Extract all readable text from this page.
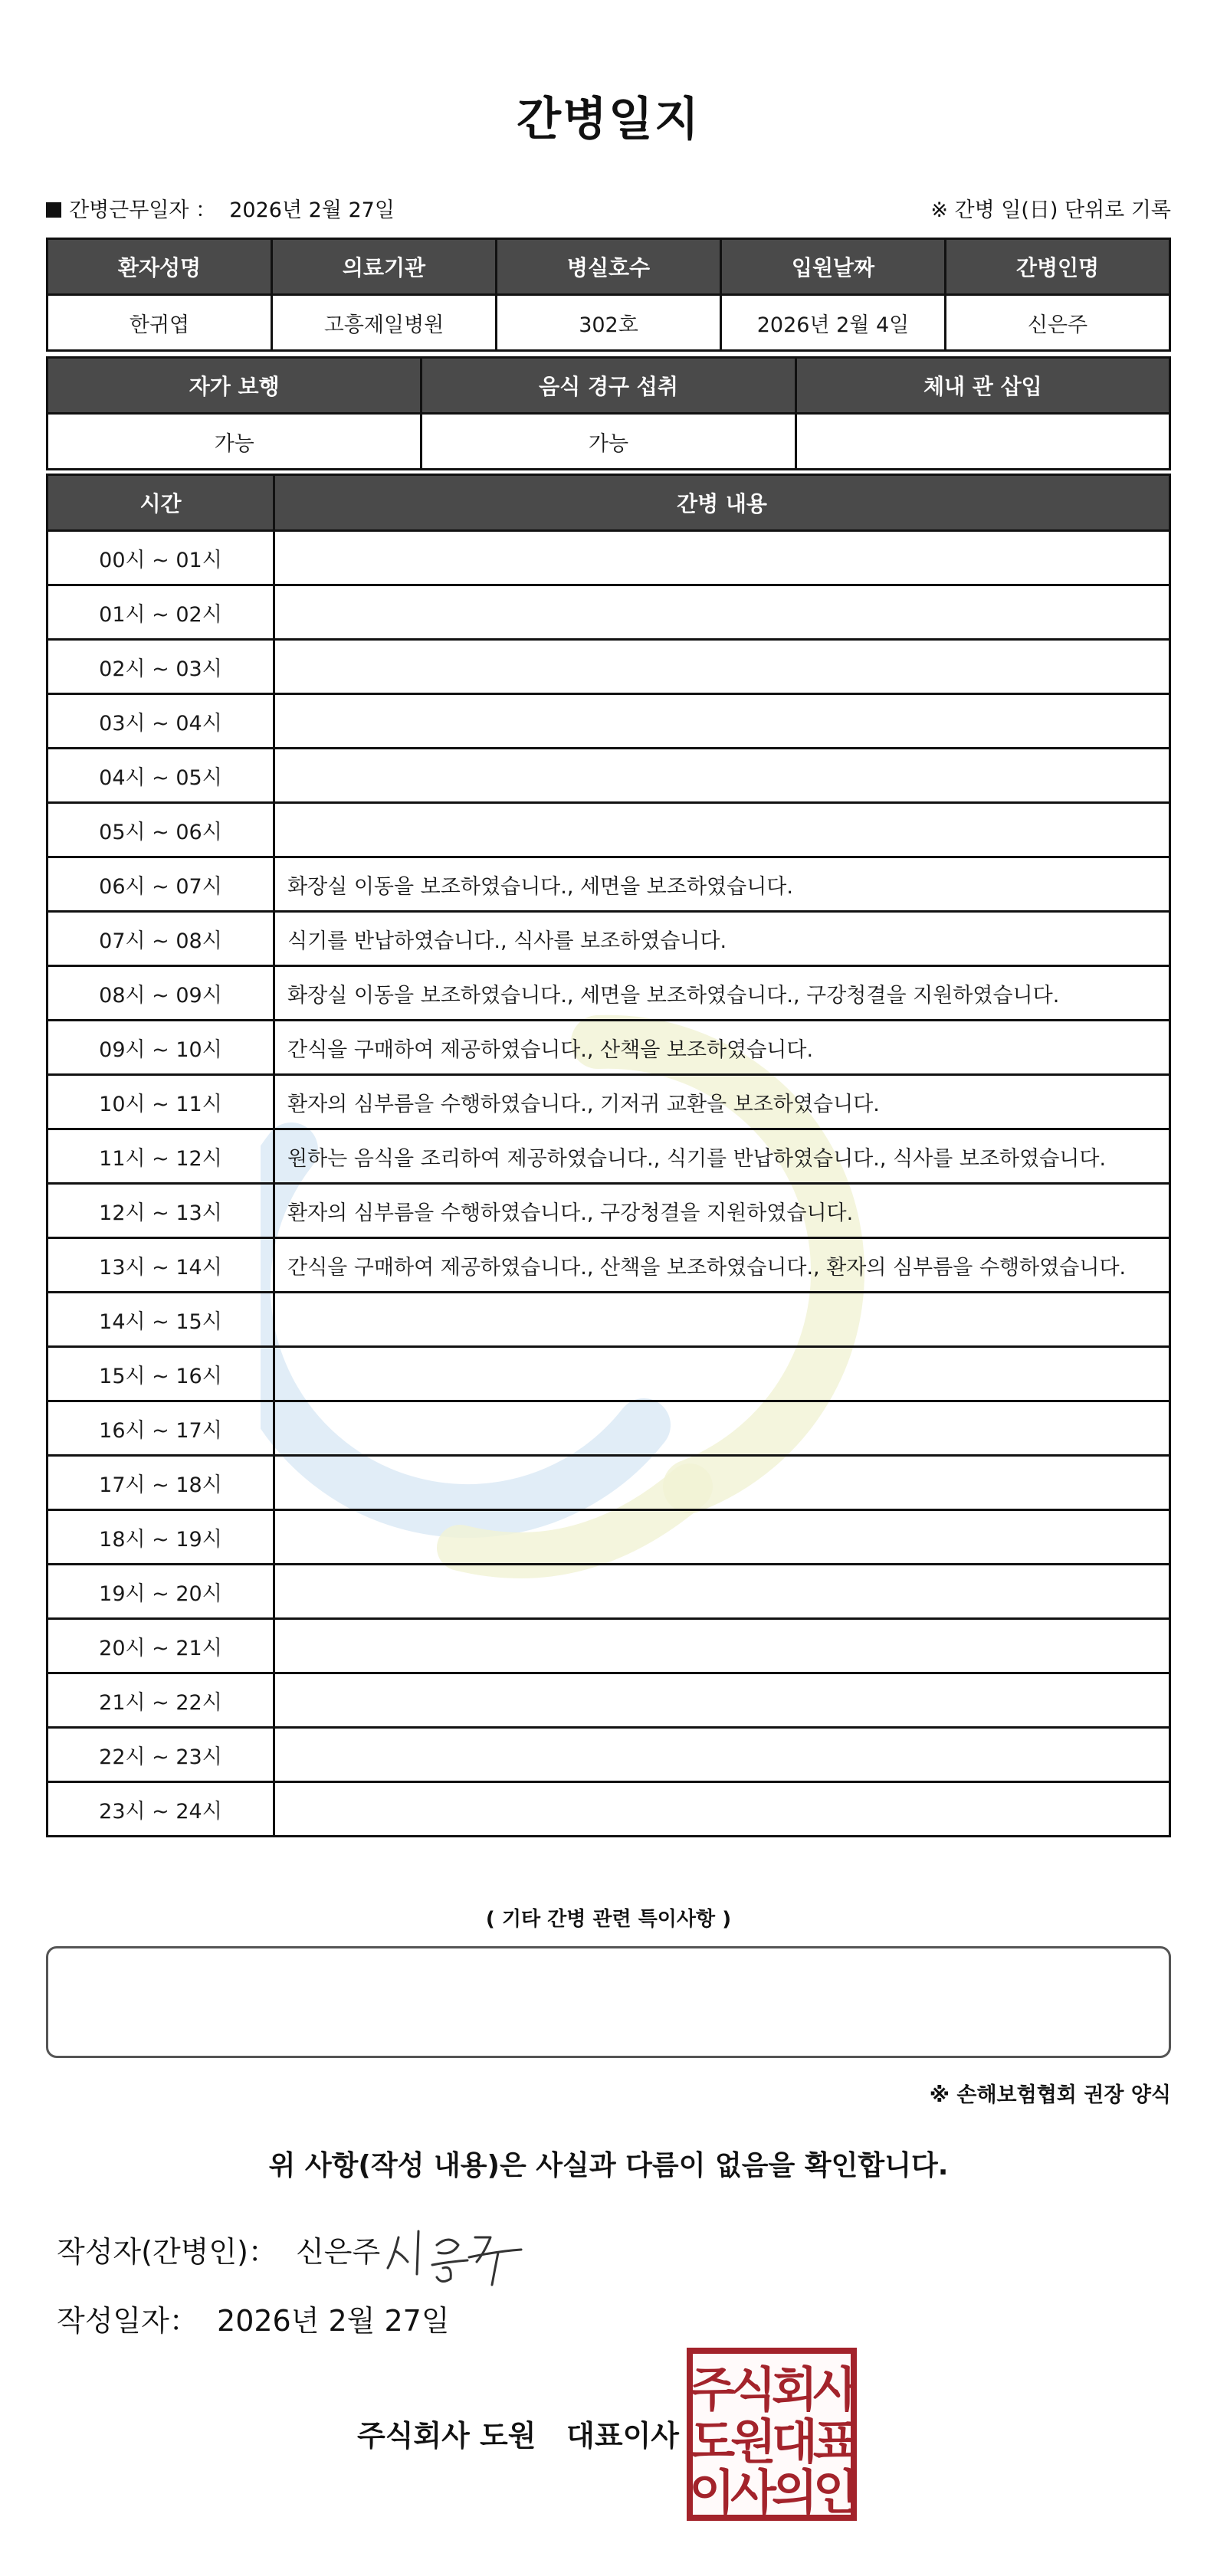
간병일지
간병근무일자 ： 2026년 2월 27일	※ 간병 일(日) 단위로 기록
환자성명	의료기관	병실호수	입원날짜	간병인명
한귀엽	고흥제일병원	302호	2026년 2월 4일	신은주
자가 보행	음식 경구 섭취	체내 관 삽입
가능	가능	
시간	간병 내용
00시 ~ 01시	
01시 ~ 02시	
02시 ~ 03시	
03시 ~ 04시	
04시 ~ 05시	
05시 ~ 06시	
06시 ~ 07시	화장실 이동을 보조하였습니다., 세면을 보조하였습니다.
07시 ~ 08시	식기를 반납하였습니다., 식사를 보조하였습니다.
08시 ~ 09시	화장실 이동을 보조하였습니다., 세면을 보조하였습니다., 구강청결을 지원하였습니다.
09시 ~ 10시	간식을 구매하여 제공하였습니다., 산책을 보조하였습니다.
10시 ~ 11시	환자의 심부름을 수행하였습니다., 기저귀 교환을 보조하였습니다.
11시 ~ 12시	원하는 음식을 조리하여 제공하였습니다., 식기를 반납하였습니다., 식사를 보조하였습니다.
12시 ~ 13시	환자의 심부름을 수행하였습니다., 구강청결을 지원하였습니다.
13시 ~ 14시	간식을 구매하여 제공하였습니다., 산책을 보조하였습니다., 환자의 심부름을 수행하였습니다.
14시 ~ 15시	
15시 ~ 16시	
16시 ~ 17시	
17시 ~ 18시	
18시 ~ 19시	
19시 ~ 20시	
20시 ~ 21시	
21시 ~ 22시	
22시 ~ 23시	
23시 ~ 24시	
( 기타 간병 관련 특이사항 )
※ 손해보험협회 권장 양식
위 사항(작성 내용)은 사실과 다름이 없음을 확인합니다.
작성자(간병인)： 신은주
작성일자： 2026년 2월 27일
주식회사 도원   대표이사
주식회사
도원대표
이사의인
